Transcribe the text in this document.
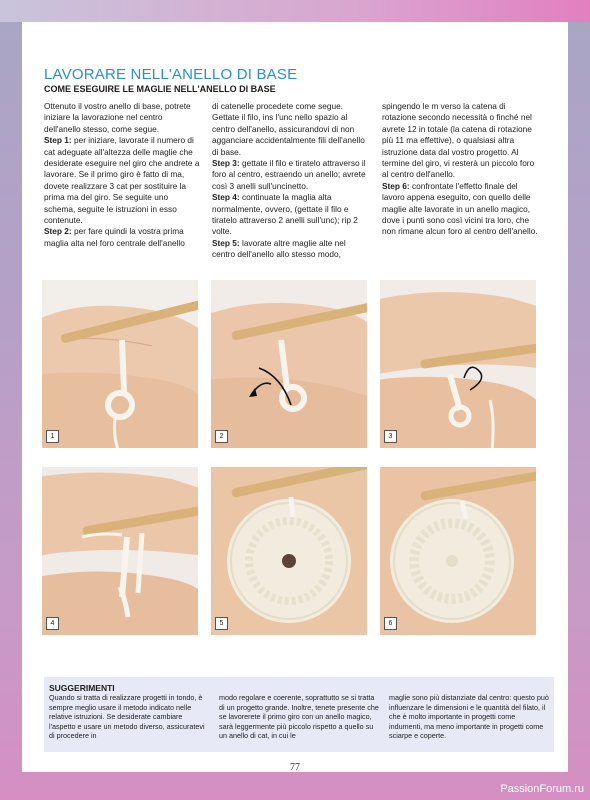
LAVORARE NELL'ANELLO DI BASE
COME ESEGUIRE LE MAGLIE NELL'ANELLO DI BASE

Ottenuto il vostro anello di base, potrete iniziare la lavorazione nel centro dell'anello stesso, come segue.

Step 1: per iniziare, lavorate il numero di cat adeguate all'altezza delle maglie che desiderate eseguire nel giro che andrete a lavorare. Se il primo giro è fatto di ma, dovete realizzare 3 cat per sostituire la prima ma del giro. Se seguite uno schema, seguite le istruzioni in esso contenute.

Step 2: per fare quindi la vostra prima maglia alta nel foro centrale dell'anello

di catenelle procedete come segue. Gettate il filo, ins l'unc nello spazio al centro dell'anello, assicurandovi di non agganciare accidentalmente fili dell'anello di base.

Step 3: gettate il filo e tiratelo attraverso il foro al centro, estraendo un anello; avrete così 3 anelli sull'uncinetto.

Step 4: continuate la maglia alta normalmente, ovvero, (gettate il filo e tiratelo attraverso 2 anelli sull'unc); rip 2 volte.

Step 5: lavorate altre maglie alte nel centro dell'anello allo stesso modo,

spingendo le m verso la catena di rotazione secondo necessità o finché nel avrete 12 in totale (la catena di rotazione più 11 ma effettive), o qualsiasi altra istruzione data dal vostro progetto. Al termine del giro, vi resterà un piccolo foro al centro dell'anello.

Step 6: confrontate l'effetto finale del lavoro appena eseguito, con quello delle maglie alte lavorate in un anello magico, dove i punti sono così vicini tra loro, che non rimane alcun foro al centro dell'anello.

1	2	3
4	5	6
SUGGERIMENTI

Quando si tratta di realizzare progetti in tondo, è sempre meglio usare il metodo indicato nelle relative istruzioni. Se desiderate cambiare l'aspetto e usare un metodo diverso, assicuratevi di procedere in

modo regolare e coerente, soprattutto se si tratta di un progetto grande. Inoltre, tenete presente che se lavorerete il primo giro con un anello magico, sarà leggermente più piccolo rispetto a quello su un anello di cat, in cui le

maglie sono più distanziate dal centro: questo può influenzare le dimensioni e le quantità del filato, il che è molto importante in progetti come indumenti, ma meno importante in progetti come sciarpe e coperte.

77
PassionForum.ru
